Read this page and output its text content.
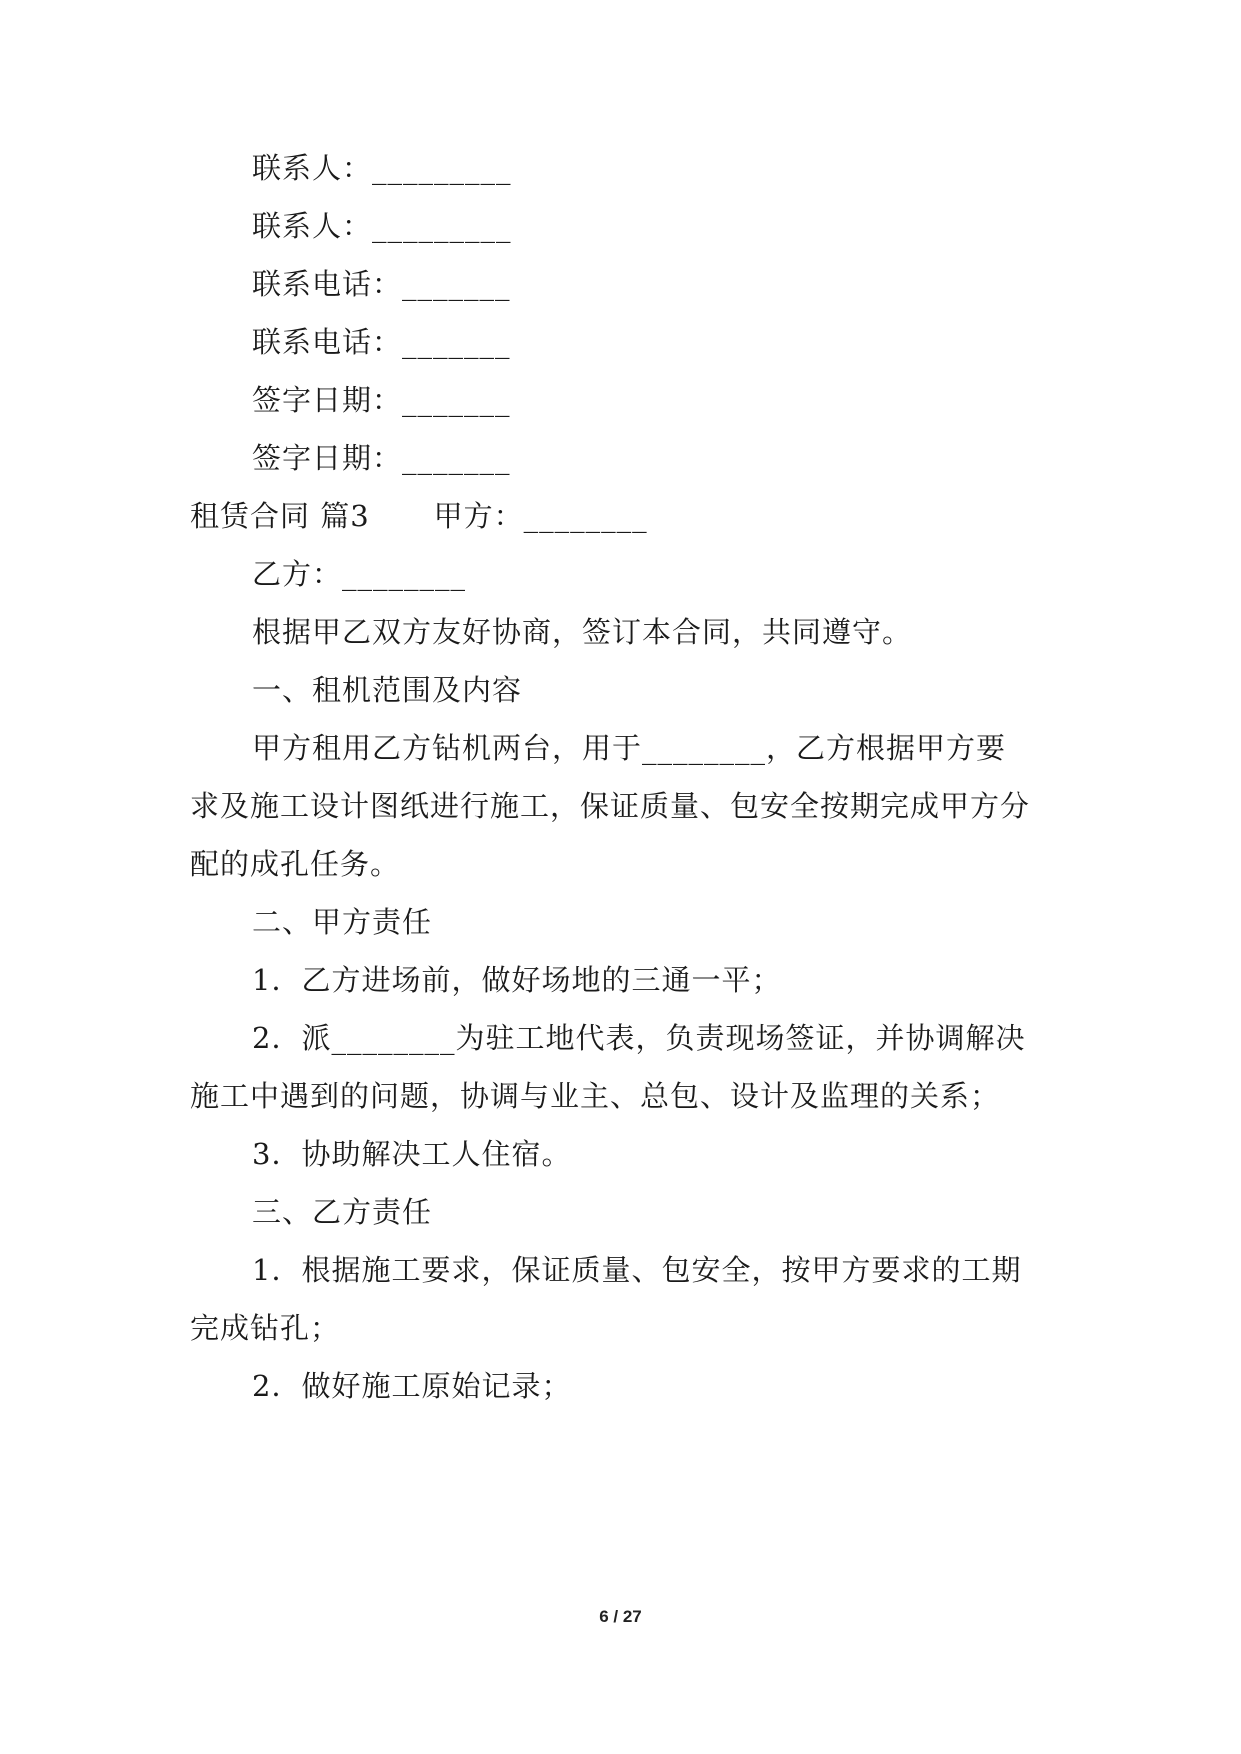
联系人：_________
联系人：_________
联系电话：_______
联系电话：_______
签字日期：_______
签字日期：_______
租赁合同 篇3 甲方：________
乙方：________
根据甲乙双方友好协商，签订本合同，共同遵守。
一、租机范围及内容
甲方租用乙方钻机两台，用于________，乙方根据甲方要
求及施工设计图纸进行施工，保证质量、包安全按期完成甲方分
配的成孔任务。
二、甲方责任
1．乙方进场前，做好场地的三通一平；
2．派________为驻工地代表，负责现场签证，并协调解决
施工中遇到的问题，协调与业主、总包、设计及监理的关系；
3．协助解决工人住宿。
三、乙方责任
1．根据施工要求，保证质量、包安全，按甲方要求的工期
完成钻孔；
2．做好施工原始记录；
6 / 27
